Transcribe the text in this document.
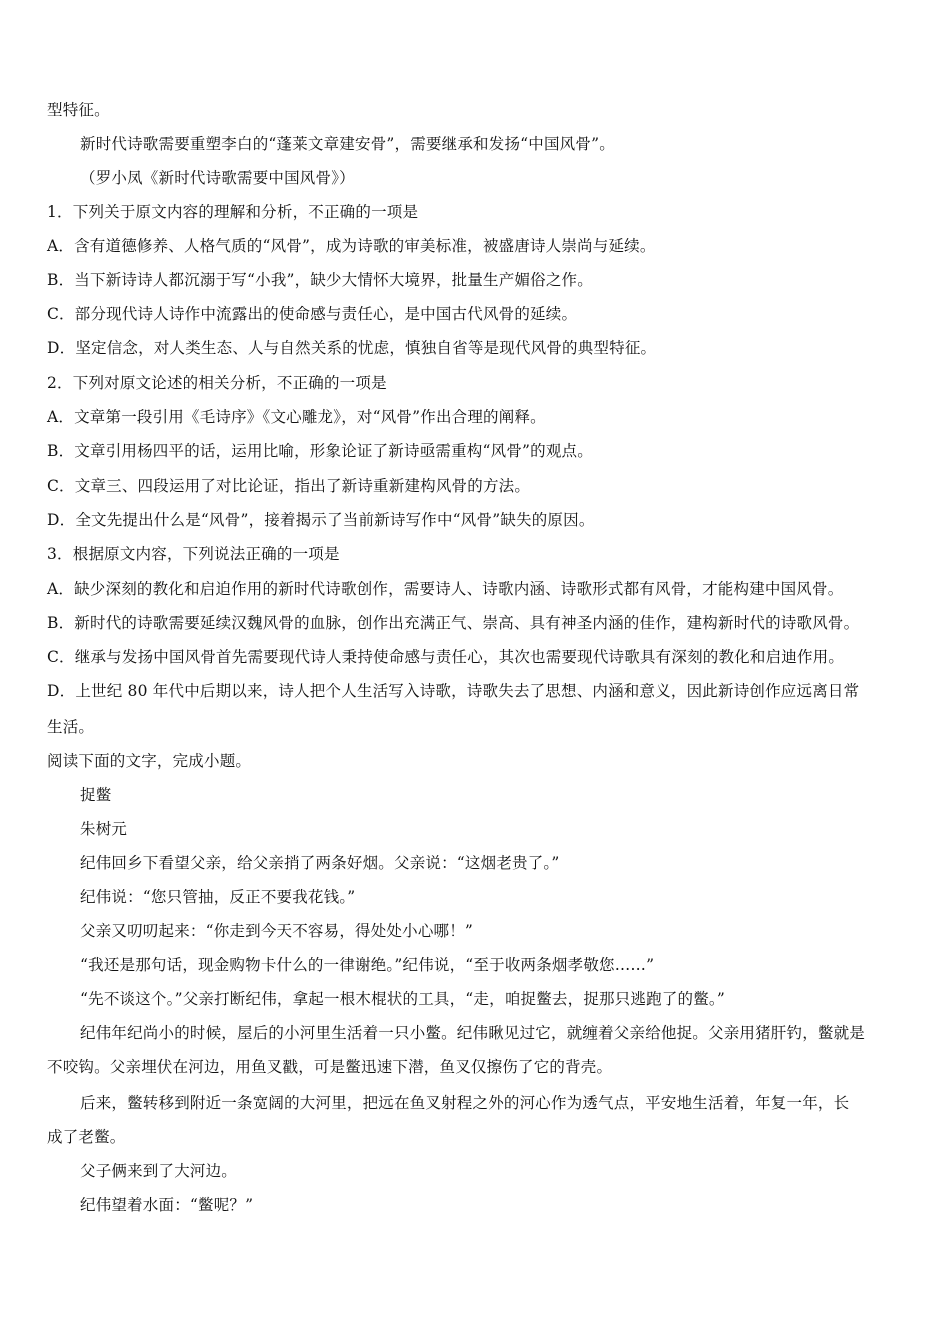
型特征。
新时代诗歌需要重塑李白的“蓬莱文章建安骨”，需要继承和发扬“中国风骨”。
（罗小凤《新时代诗歌需要中国风骨》）
1．下列关于原文内容的理解和分析，不正确的一项是
A．含有道德修养、人格气质的“风骨”，成为诗歌的审美标准，被盛唐诗人崇尚与延续。
B．当下新诗诗人都沉溺于写“小我”，缺少大情怀大境界，批量生产媚俗之作。
C．部分现代诗人诗作中流露出的使命感与责任心，是中国古代风骨的延续。
D．坚定信念，对人类生态、人与自然关系的忧虑，慎独自省等是现代风骨的典型特征。
2．下列对原文论述的相关分析，不正确的一项是
A．文章第一段引用《毛诗序》《文心雕龙》，对“风骨”作出合理的阐释。
B．文章引用杨四平的话，运用比喻，形象论证了新诗亟需重构“风骨”的观点。
C．文章三、四段运用了对比论证，指出了新诗重新建构风骨的方法。
D．全文先提出什么是“风骨”，接着揭示了当前新诗写作中“风骨”缺失的原因。
3．根据原文内容，下列说法正确的一项是
A．缺少深刻的教化和启迫作用的新时代诗歌创作，需要诗人、诗歌内涵、诗歌形式都有风骨，才能构建中国风骨。
B．新时代的诗歌需要延续汉魏风骨的血脉，创作出充满正气、崇高、具有神圣内涵的佳作，建构新时代的诗歌风骨。
C．继承与发扬中国风骨首先需要现代诗人秉持使命感与责任心，其次也需要现代诗歌具有深刻的教化和启迪作用。
D．上世纪 80 年代中后期以来，诗人把个人生活写入诗歌，诗歌失去了思想、内涵和意义，因此新诗创作应远离日常
生活。
阅读下面的文字，完成小题。
捉鳖
朱树元
纪伟回乡下看望父亲，给父亲捎了两条好烟。父亲说：“这烟老贵了。”
纪伟说：“您只管抽，反正不要我花钱。”
父亲又叨叨起来：“你走到今天不容易，得处处小心哪！”
“我还是那句话，现金购物卡什么的一律谢绝。”纪伟说，“至于收两条烟孝敬您……”
“先不谈这个。”父亲打断纪伟，拿起一根木棍状的工具，“走，咱捉鳖去，捉那只逃跑了的鳖。”
纪伟年纪尚小的时候，屋后的小河里生活着一只小鳖。纪伟瞅见过它，就缠着父亲给他捉。父亲用猪肝钓，鳖就是
不咬钩。父亲埋伏在河边，用鱼叉戳，可是鳖迅速下潜，鱼叉仅擦伤了它的背壳。
后来，鳖转移到附近一条宽阔的大河里，把远在鱼叉射程之外的河心作为透气点，平安地生活着，年复一年，长
成了老鳖。
父子俩来到了大河边。
纪伟望着水面：“鳖呢？”
